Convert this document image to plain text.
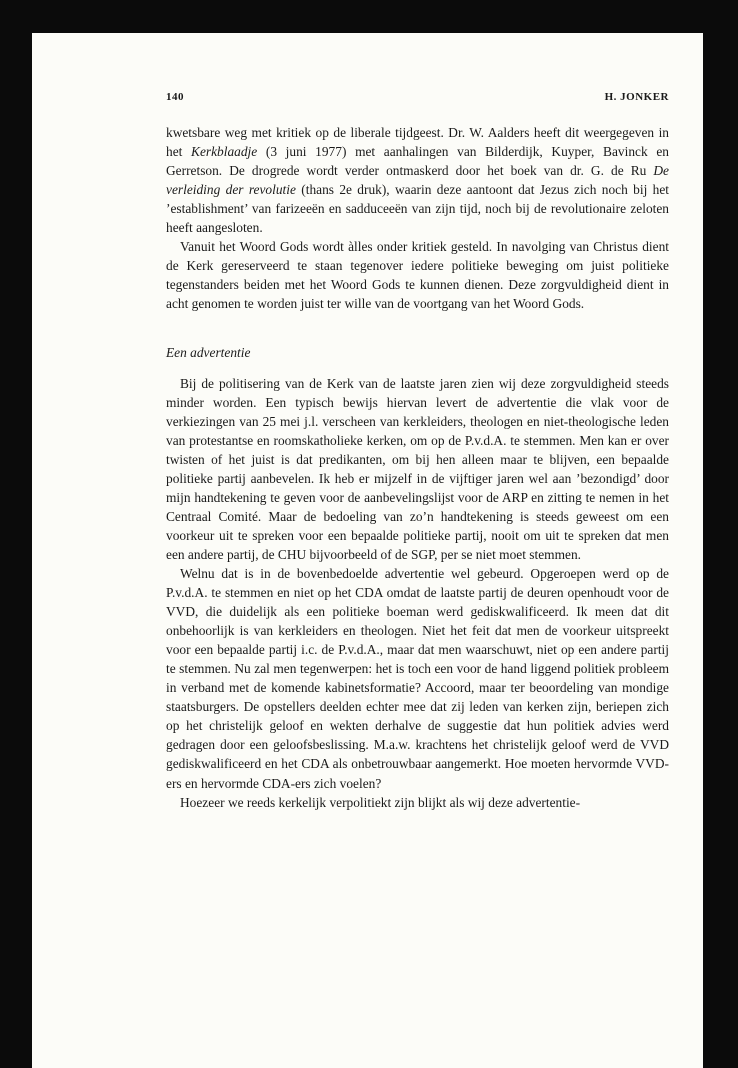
140	H. JONKER

kwetsbare weg met kritiek op de liberale tijdgeest. Dr. W. Aalders heeft dit weergegeven in het Kerkblaadje (3 juni 1977) met aanhalingen van Bilderdijk, Kuyper, Bavinck en Gerretson. De drogrede wordt verder ontmaskerd door het boek van dr. G. de Ru De verleiding der revolutie (thans 2e druk), waarin deze aantoont dat Jezus zich noch bij het ’establishment’ van farizeeën en sadduceeën van zijn tijd, noch bij de revolutionaire zeloten heeft aangesloten.

Vanuit het Woord Gods wordt àlles onder kritiek gesteld. In navolging van Christus dient de Kerk gereserveerd te staan tegenover iedere politieke beweging om juist politieke tegenstanders beiden met het Woord Gods te kunnen dienen. Deze zorgvuldigheid dient in acht genomen te worden juist ter wille van de voortgang van het Woord Gods.

Een advertentie

Bij de politisering van de Kerk van de laatste jaren zien wij deze zorgvuldigheid steeds minder worden. Een typisch bewijs hiervan levert de advertentie die vlak voor de verkiezingen van 25 mei j.l. verscheen van kerkleiders, theologen en niet-theologische leden van protestantse en roomskatholieke kerken, om op de P.v.d.A. te stemmen. Men kan er over twisten of het juist is dat predikanten, om bij hen alleen maar te blijven, een bepaalde politieke partij aanbevelen. Ik heb er mijzelf in de vijftiger jaren wel aan ’bezondigd’ door mijn handtekening te geven voor de aanbevelingslijst voor de ARP en zitting te nemen in het Centraal Comité. Maar de bedoeling van zo’n handtekening is steeds geweest om een voorkeur uit te spreken voor een bepaalde politieke partij, nooit om uit te spreken dat men een andere partij, de CHU bijvoorbeeld of de SGP, per se niet moet stemmen.

Welnu dat is in de bovenbedoelde advertentie wel gebeurd. Opgeroepen werd op de P.v.d.A. te stemmen en niet op het CDA omdat de laatste partij de deuren openhoudt voor de VVD, die duidelijk als een politieke boeman werd gediskwalificeerd. Ik meen dat dit onbehoorlijk is van kerkleiders en theologen. Niet het feit dat men de voorkeur uitspreekt voor een bepaalde partij i.c. de P.v.d.A., maar dat men waarschuwt, niet op een andere partij te stemmen. Nu zal men tegenwerpen: het is toch een voor de hand liggend politiek probleem in verband met de komende kabinetsformatie? Accoord, maar ter beoordeling van mondige staatsburgers. De opstellers deelden echter mee dat zij leden van kerken zijn, beriepen zich op het christelijk geloof en wekten derhalve de suggestie dat hun politiek advies werd gedragen door een geloofsbeslissing. M.a.w. krachtens het christelijk geloof werd de VVD gediskwalificeerd en het CDA als onbetrouwbaar aangemerkt. Hoe moeten hervormde VVD-ers en hervormde CDA-ers zich voelen?

Hoezeer we reeds kerkelijk verpolitiekt zijn blijkt als wij deze advertentie-
